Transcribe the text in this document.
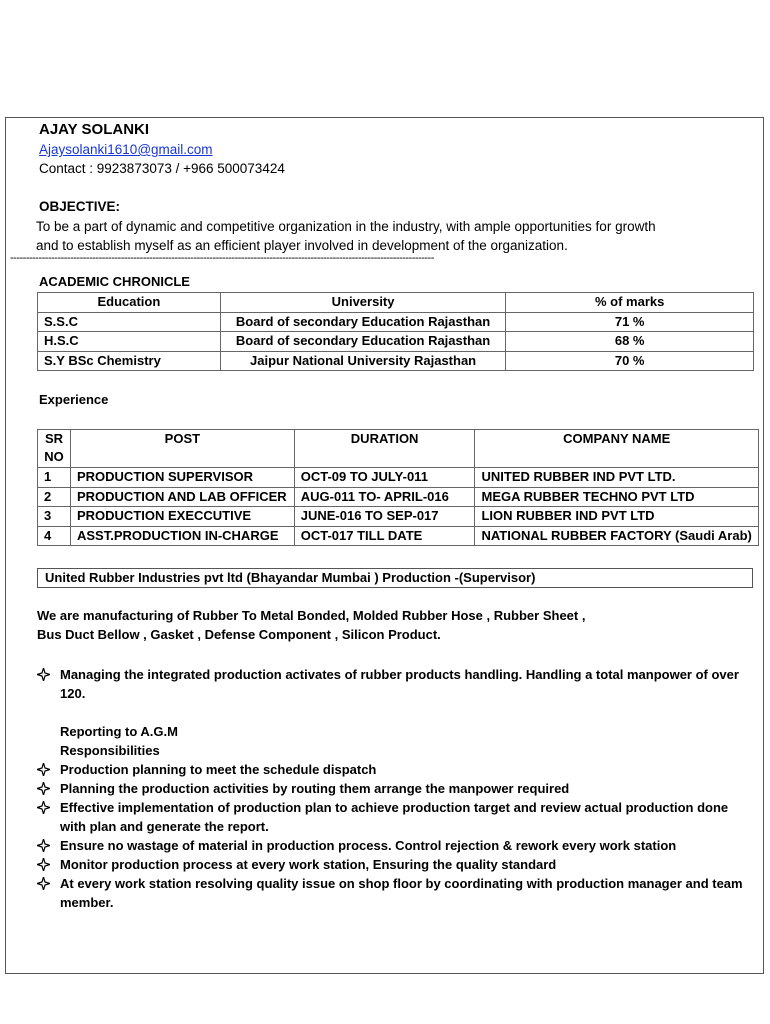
AJAY SOLANKI
Ajaysolanki1610@gmail.com
Contact : 9923873073 / +966 500073424
OBJECTIVE:
To be a part of dynamic and competitive organization in the industry, with ample opportunities for growth
and to establish myself as an efficient player involved in development of the organization.
--------------------------------------------------------------------------------------------------------------------------------------
ACADEMIC CHRONICLE
Education	University	% of marks
S.S.C	Board of secondary Education Rajasthan	71 %
H.S.C	Board of secondary Education Rajasthan	68 %
S.Y BSc Chemistry	Jaipur National University Rajasthan	70 %
Experience
SR
NO	POST	DURATION	COMPANY NAME
1	PRODUCTION SUPERVISOR	OCT-09 TO JULY-011	UNITED RUBBER IND PVT LTD.
2	PRODUCTION AND LAB OFFICER	AUG-011 TO- APRIL-016	MEGA RUBBER TECHNO PVT LTD
3	PRODUCTION EXECCUTIVE	JUNE-016 TO SEP-017	LION RUBBER IND PVT LTD
4	ASST.PRODUCTION IN-CHARGE	OCT-017 TILL DATE	NATIONAL RUBBER FACTORY (Saudi Arab)
United Rubber Industries pvt ltd (Bhayandar Mumbai ) Production -(Supervisor)
We are manufacturing of Rubber To Metal Bonded, Molded Rubber Hose , Rubber Sheet ,
Bus Duct Bellow , Gasket , Defense Component , Silicon Product.
Managing the integrated production activates of rubber products handling. Handling a total manpower of over
120.
Reporting to A.G.M
Responsibilities
Production planning to meet the schedule dispatch
Planning the production activities by routing them arrange the manpower required
Effective implementation of production plan to achieve production target and review actual production done
with plan and generate the report.
Ensure no wastage of material in production process. Control rejection & rework every work station
Monitor production process at every work station, Ensuring the quality standard
At every work station resolving quality issue on shop floor by coordinating with production manager and team
member.
